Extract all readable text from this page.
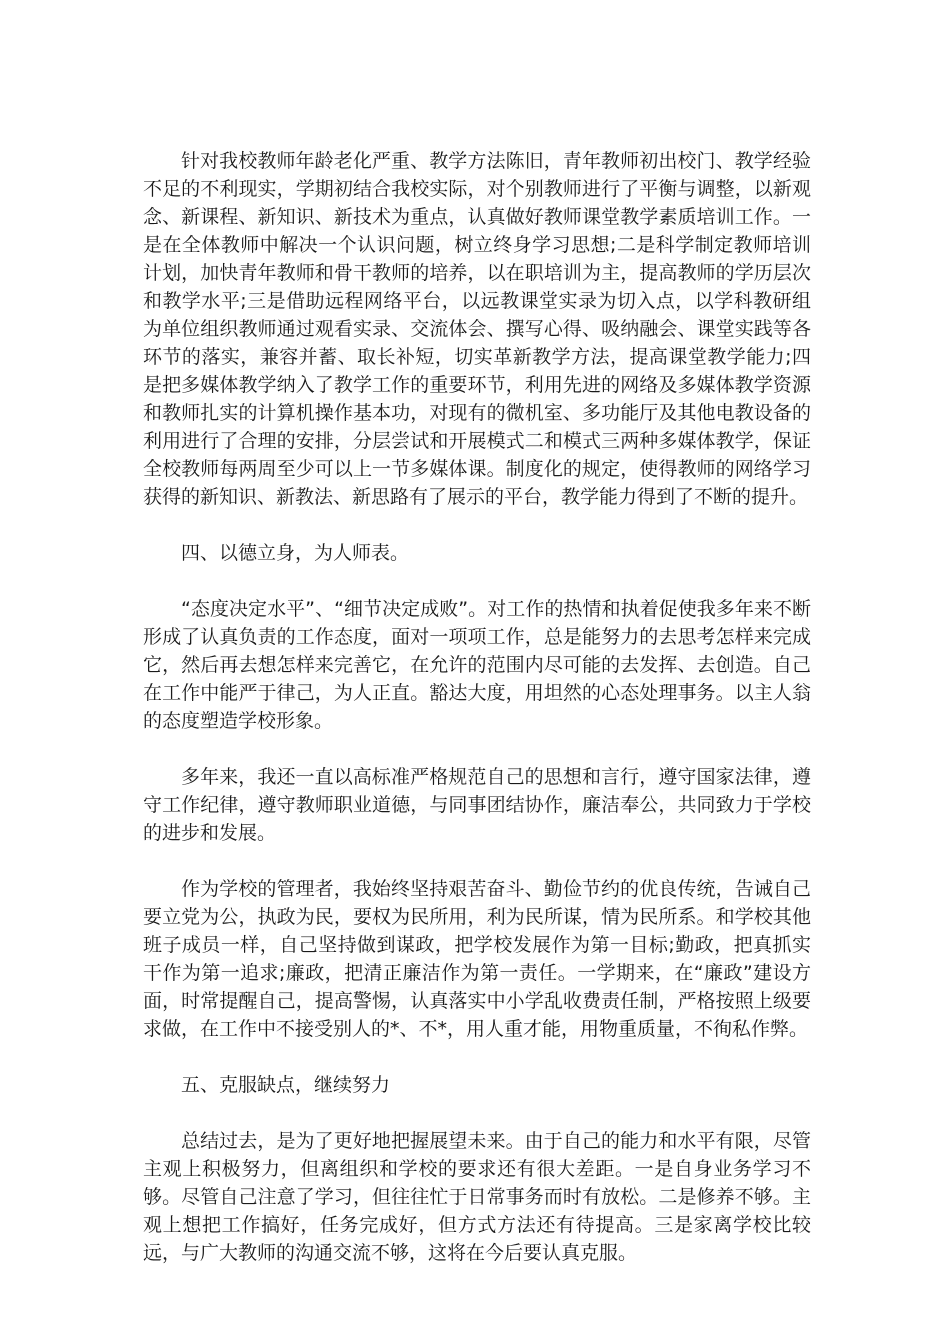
针对我校教师年龄老化严重、教学方法陈旧，青年教师初出校门、教学经验不足的不利现实，学期初结合我校实际，对个别教师进行了平衡与调整，以新观念、新课程、新知识、新技术为重点，认真做好教师课堂教学素质培训工作。一是在全体教师中解决一个认识问题，树立终身学习思想;二是科学制定教师培训计划，加快青年教师和骨干教师的培养，以在职培训为主，提高教师的学历层次和教学水平;三是借助远程网络平台，以远教课堂实录为切入点，以学科教研组为单位组织教师通过观看实录、交流体会、撰写心得、吸纳融会、课堂实践等各环节的落实，兼容并蓄、取长补短，切实革新教学方法，提高课堂教学能力;四是把多媒体教学纳入了教学工作的重要环节，利用先进的网络及多媒体教学资源和教师扎实的计算机操作基本功，对现有的微机室、多功能厅及其他电教设备的利用进行了合理的安排，分层尝试和开展模式二和模式三两种多媒体教学，保证全校教师每两周至少可以上一节多媒体课。制度化的规定，使得教师的网络学习获得的新知识、新教法、新思路有了展示的平台，教学能力得到了不断的提升。

四、以德立身，为人师表。

“态度决定水平”、“细节决定成败”。对工作的热情和执着促使我多年来不断形成了认真负责的工作态度，面对一项项工作，总是能努力的去思考怎样来完成它，然后再去想怎样来完善它，在允许的范围内尽可能的去发挥、去创造。自己在工作中能严于律己，为人正直。豁达大度，用坦然的心态处理事务。以主人翁的态度塑造学校形象。

多年来，我还一直以高标准严格规范自己的思想和言行，遵守国家法律，遵守工作纪律，遵守教师职业道德，与同事团结协作，廉洁奉公，共同致力于学校的进步和发展。

作为学校的管理者，我始终坚持艰苦奋斗、勤俭节约的优良传统，告诫自己要立党为公，执政为民，要权为民所用，利为民所谋，情为民所系。和学校其他班子成员一样，自己坚持做到谋政，把学校发展作为第一目标;勤政，把真抓实干作为第一追求;廉政，把清正廉洁作为第一责任。一学期来，在“廉政”建设方面，时常提醒自己，提高警惕，认真落实中小学乱收费责任制，严格按照上级要求做，在工作中不接受别人的*、不*，用人重才能，用物重质量，不徇私作弊。

五、克服缺点，继续努力

总结过去，是为了更好地把握展望未来。由于自己的能力和水平有限，尽管主观上积极努力，但离组织和学校的要求还有很大差距。一是自身业务学习不够。尽管自己注意了学习，但往往忙于日常事务而时有放松。二是修养不够。主观上想把工作搞好，任务完成好，但方式方法还有待提高。三是家离学校比较远，与广大教师的沟通交流不够，这将在今后要认真克服。
